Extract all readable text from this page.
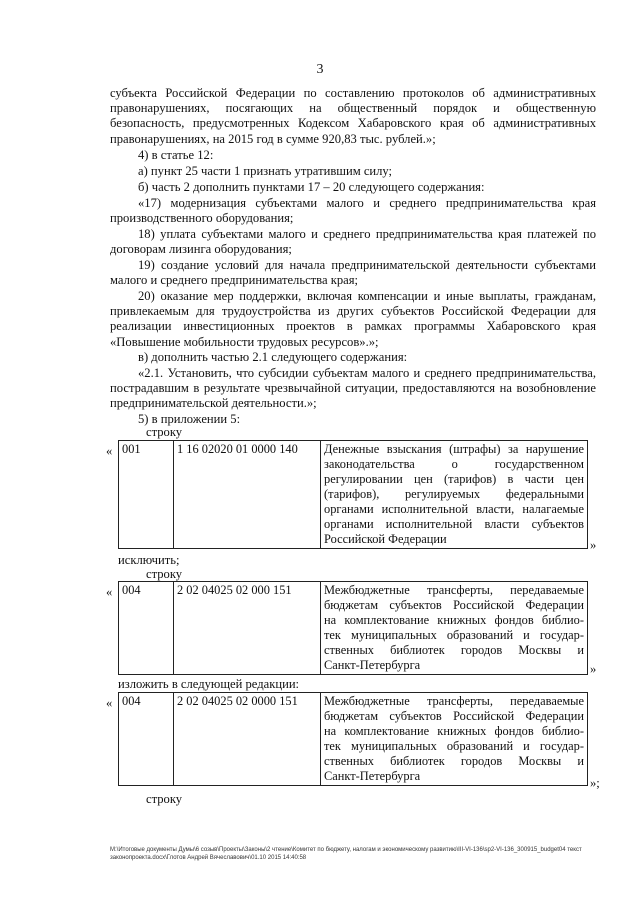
3

субъекта Российской Федерации по составлению протоколов об административных правонарушениях, посягающих на общественный порядок и общественную безопасность, предусмотренных Кодексом Хабаровского края об административных правонарушениях, на 2015 год в сумме 920,83 тыс. рублей.»;

4) в статье 12:

а) пункт 25 части 1 признать утратившим силу;

б) часть 2 дополнить пунктами 17 – 20 следующего содержания:

«17) модернизация субъектами малого и среднего предпринимательства края производственного оборудования;

18) уплата субъектами малого и среднего предпринимательства края платежей по договорам лизинга оборудования;

19) создание условий для начала предпринимательской деятельности субъектами малого и среднего предпринимательства края;

20) оказание мер поддержки, включая компенсации и иные выплаты, гражданам, привлекаемым для трудоустройства из других субъектов Российской Федерации для реализации инвестиционных проектов в рамках программы Хабаровского края «Повышение мобильности трудовых ресурсов».»;

в) дополнить частью 2.1 следующего содержания:

«2.1. Установить, что субсидии субъектам малого и среднего предпринимательства, пострадавшим в результате чрезвычайной ситуации, предоставляются на возобновление предпринимательской деятельности.»;

5) в приложении 5:

строку
« 001	1 16 02020 01 0000 140	Денежные взыскания (штрафы) за нарушение
законодательства о государственном
регулировании цен (тарифов) в части цен
(тарифов), регулируемых федеральными
органами исполнительной власти, налагаемые
органами исполнительной власти субъектов

Российской Федерации	»
исключить;
строку
« 004	2 02 04025 02 000 151	Межбюджетные трансферты, передаваемые
бюджетам субъектов Российской Федерации
на комплектование книжных фондов библио-
тек муниципальных образований и государ-
ственных библиотек городов Москвы и

Санкт-Петербурга	»
изложить в следующей редакции:
« 004	2 02 04025 02 0000 151	Межбюджетные трансферты, передаваемые
бюджетам субъектов Российской Федерации
на комплектование книжных фондов библио-
тек муниципальных образований и государ-
ственных библиотек городов Москвы и

Санкт-Петербурга	»;
строку
M:\Итоговые документы Думы\6 созыв\Проекты\Законы\2 чтение\Комитет по бюджету, налогам и экономическому развитию\III-VI-136\sp2-VI-136_300915_budget04 текст законопроекта.docx\Глотов Андрей Вячеславович\01.10 2015 14:40:58
